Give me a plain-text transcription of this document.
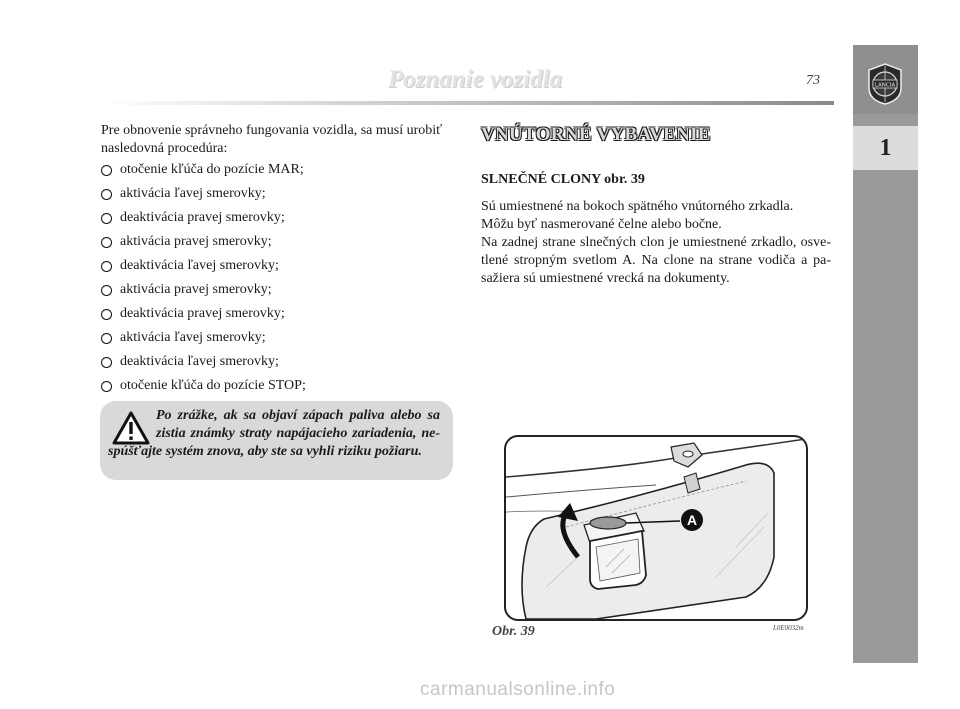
Poznanie vozidla	73	LANCIA
1

Pre obnovenie správneho fungovania vozidla, sa musí urobiť nasledovná procedúra:

otočenie kľúča do pozície MAR;
aktivácia ľavej smerovky;
deaktivácia pravej smerovky;
aktivácia pravej smerovky;
deaktivácia ľavej smerovky;
aktivácia pravej smerovky;
deaktivácia pravej smerovky;
aktivácia ľavej smerovky;
deaktivácia ľavej smerovky;
otočenie kľúča do pozície STOP;
Po zrážke, ak sa objaví zápach paliva alebo sa zistia známky straty napájacieho zariadenia, ne-spúšťajte systém znova, aby ste sa vyhli riziku požiaru.
VNÚTORNÉ VYBAVENIE
SLNEČNÉ CLONY obr. 39

Sú umiestnené na bokoch spätného vnútorného zrkadla.

Môžu byť nasmerované čelne alebo bočne.

Na zadnej strane slnečných clon je umiestnené zrkadlo, osve-tlené stropným svetlom A. Na clone na strane vodiča a pa-sažiera sú umiestnené vrecká na dokumenty.

A
Obr. 39	L0E0032m
carmanualsonline.info
